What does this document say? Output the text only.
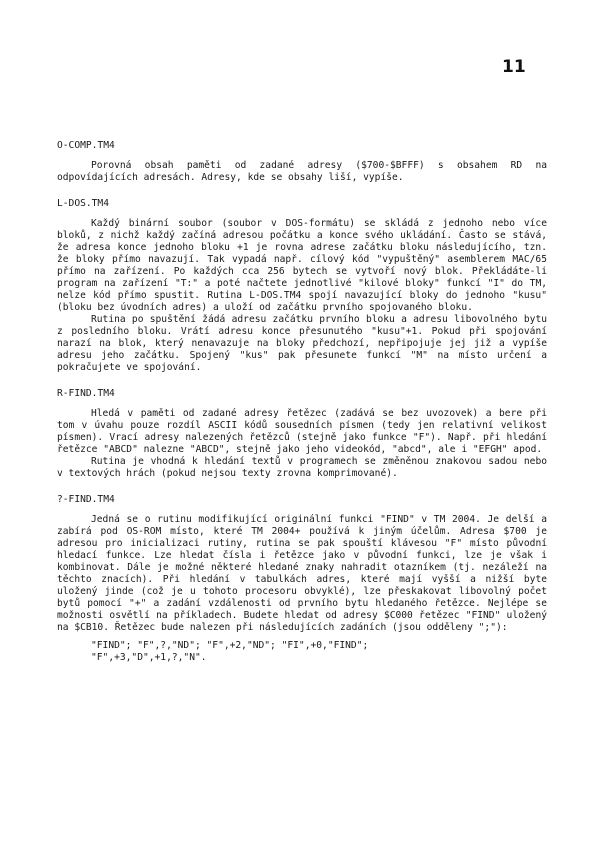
11
O-COMP.TM4

Porovná obsah paměti od zadané adresy ($700-$BFFF) s obsahem RD na odpovídajících adresách. Adresy, kde se obsahy liší, vypíše.

L-DOS.TM4

Každý binární soubor (soubor v DOS-formátu) se skládá z jednoho nebo více bloků, z nichž každý začíná adresou počátku a konce svého ukládání. Často se stává, že adresa konce jednoho bloku +1 je rovna adrese začátku bloku následujícího, tzn. že bloky přímo navazují. Tak vypadá např. cílový kód "vypuštěný" asemblerem MAC/65 přímo na zařízení. Po každých cca 256 bytech se vytvoří nový blok. Překládáte-li program na zařízení "T:" a poté načtete jednotlivé "kilové bloky" funkcí "I" do TM, nelze kód přímo spustit. Rutina L-DOS.TM4 spojí navazující bloky do jednoho "kusu" (bloku bez úvodních adres) a uloží od začátku prvního spojovaného bloku.

Rutina po spuštění žádá adresu začátku prvního bloku a adresu libovolného bytu z posledního bloku. Vrátí adresu konce přesunutého "kusu"+1. Pokud při spojování narazí na blok, který nenavazuje na bloky předchozí, nepřipojuje jej již a vypíše adresu jeho začátku. Spojený "kus" pak přesunete funkcí "M" na místo určení a pokračujete ve spojování.

R-FIND.TM4

Hledá v paměti od zadané adresy řetězec (zadává se bez uvozovek) a bere při tom v úvahu pouze rozdíl ASCII kódů sousedních písmen (tedy jen relativní velikost písmen). Vrací adresy nalezených řetězců (stejně jako funkce "F"). Např. při hledání řetězce "ABCD" nalezne "ABCD", stejně jako jeho videokód, "abcd", ale i "EFGH" apod.

Rutina je vhodná k hledání textů v programech se změněnou znakovou sadou nebo v textových hrách (pokud nejsou texty zrovna komprimované).

?-FIND.TM4

Jedná se o rutinu modifikující originální funkci "FIND" v TM 2004. Je delší a zabírá pod OS-ROM místo, které TM 2004+ používá k jiným účelům. Adresa $700 je adresou pro inicializaci rutiny, rutina se pak spouští klávesou "F" místo původní hledací funkce. Lze hledat čísla i řetězce jako v původní funkci, lze je však i kombinovat. Dále je možné některé hledané znaky nahradit otazníkem (tj. nezáleží na těchto znacích). Při hledání v tabulkách adres, které mají vyšší a nižší byte uložený jinde (což je u tohoto procesoru obvyklé), lze přeskakovat libovolný počet bytů pomocí "+" a zadání vzdálenosti od prvního bytu hledaného řetězce. Nejlépe se možnosti osvětlí na příkladech. Budete hledat od adresy $C000 řetězec "FIND" uložený na $CB10. Řetězec bude nalezen při následujících zadáních (jsou odděleny ";"):

"FIND"; "F",?,"ND"; "F",+2,"ND"; "FI",+0,"FIND";
"F",+3,"D",+1,?,"N".
